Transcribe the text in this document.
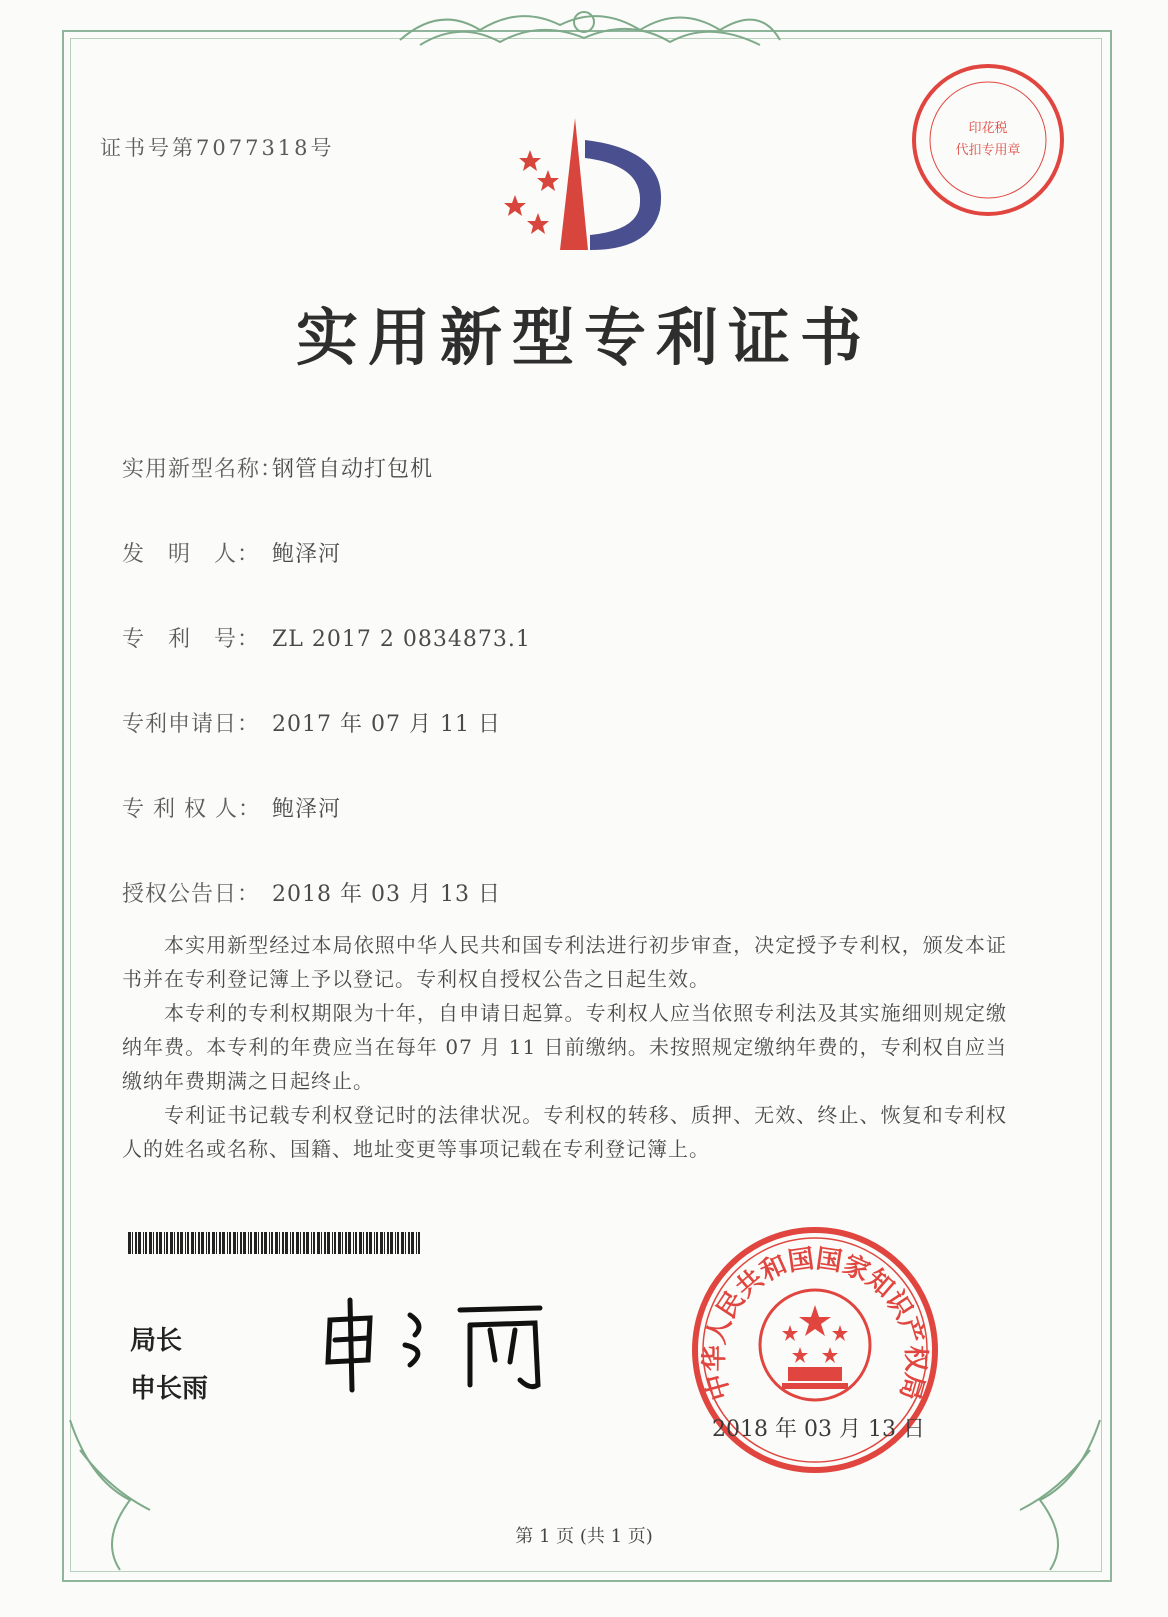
证书号第7077318号
印花税
代扣专用章
实用新型专利证书
实用新型名称：钢管自动打包机
发　明　人： 鲍泽河
专　利　号： ZL 2017 2 0834873.1
专利申请日： 2017 年 07 月 11 日
专 利 权 人： 鲍泽河
授权公告日： 2018 年 03 月 13 日

本实用新型经过本局依照中华人民共和国专利法进行初步审查，决定授予专利权，颁发本证书并在专利登记簿上予以登记。专利权自授权公告之日起生效。

本专利的专利权期限为十年，自申请日起算。专利权人应当依照专利法及其实施细则规定缴纳年费。本专利的年费应当在每年 07 月 11 日前缴纳。未按照规定缴纳年费的，专利权自应当缴纳年费期满之日起终止。

专利证书记载专利权登记时的法律状况。专利权的转移、质押、无效、终止、恢复和专利权人的姓名或名称、国籍、地址变更等事项记载在专利登记簿上。

局长
申长雨	中华人民共和国国家知识产权局
2018 年 03 月 13 日
第 1 页 (共 1 页)
